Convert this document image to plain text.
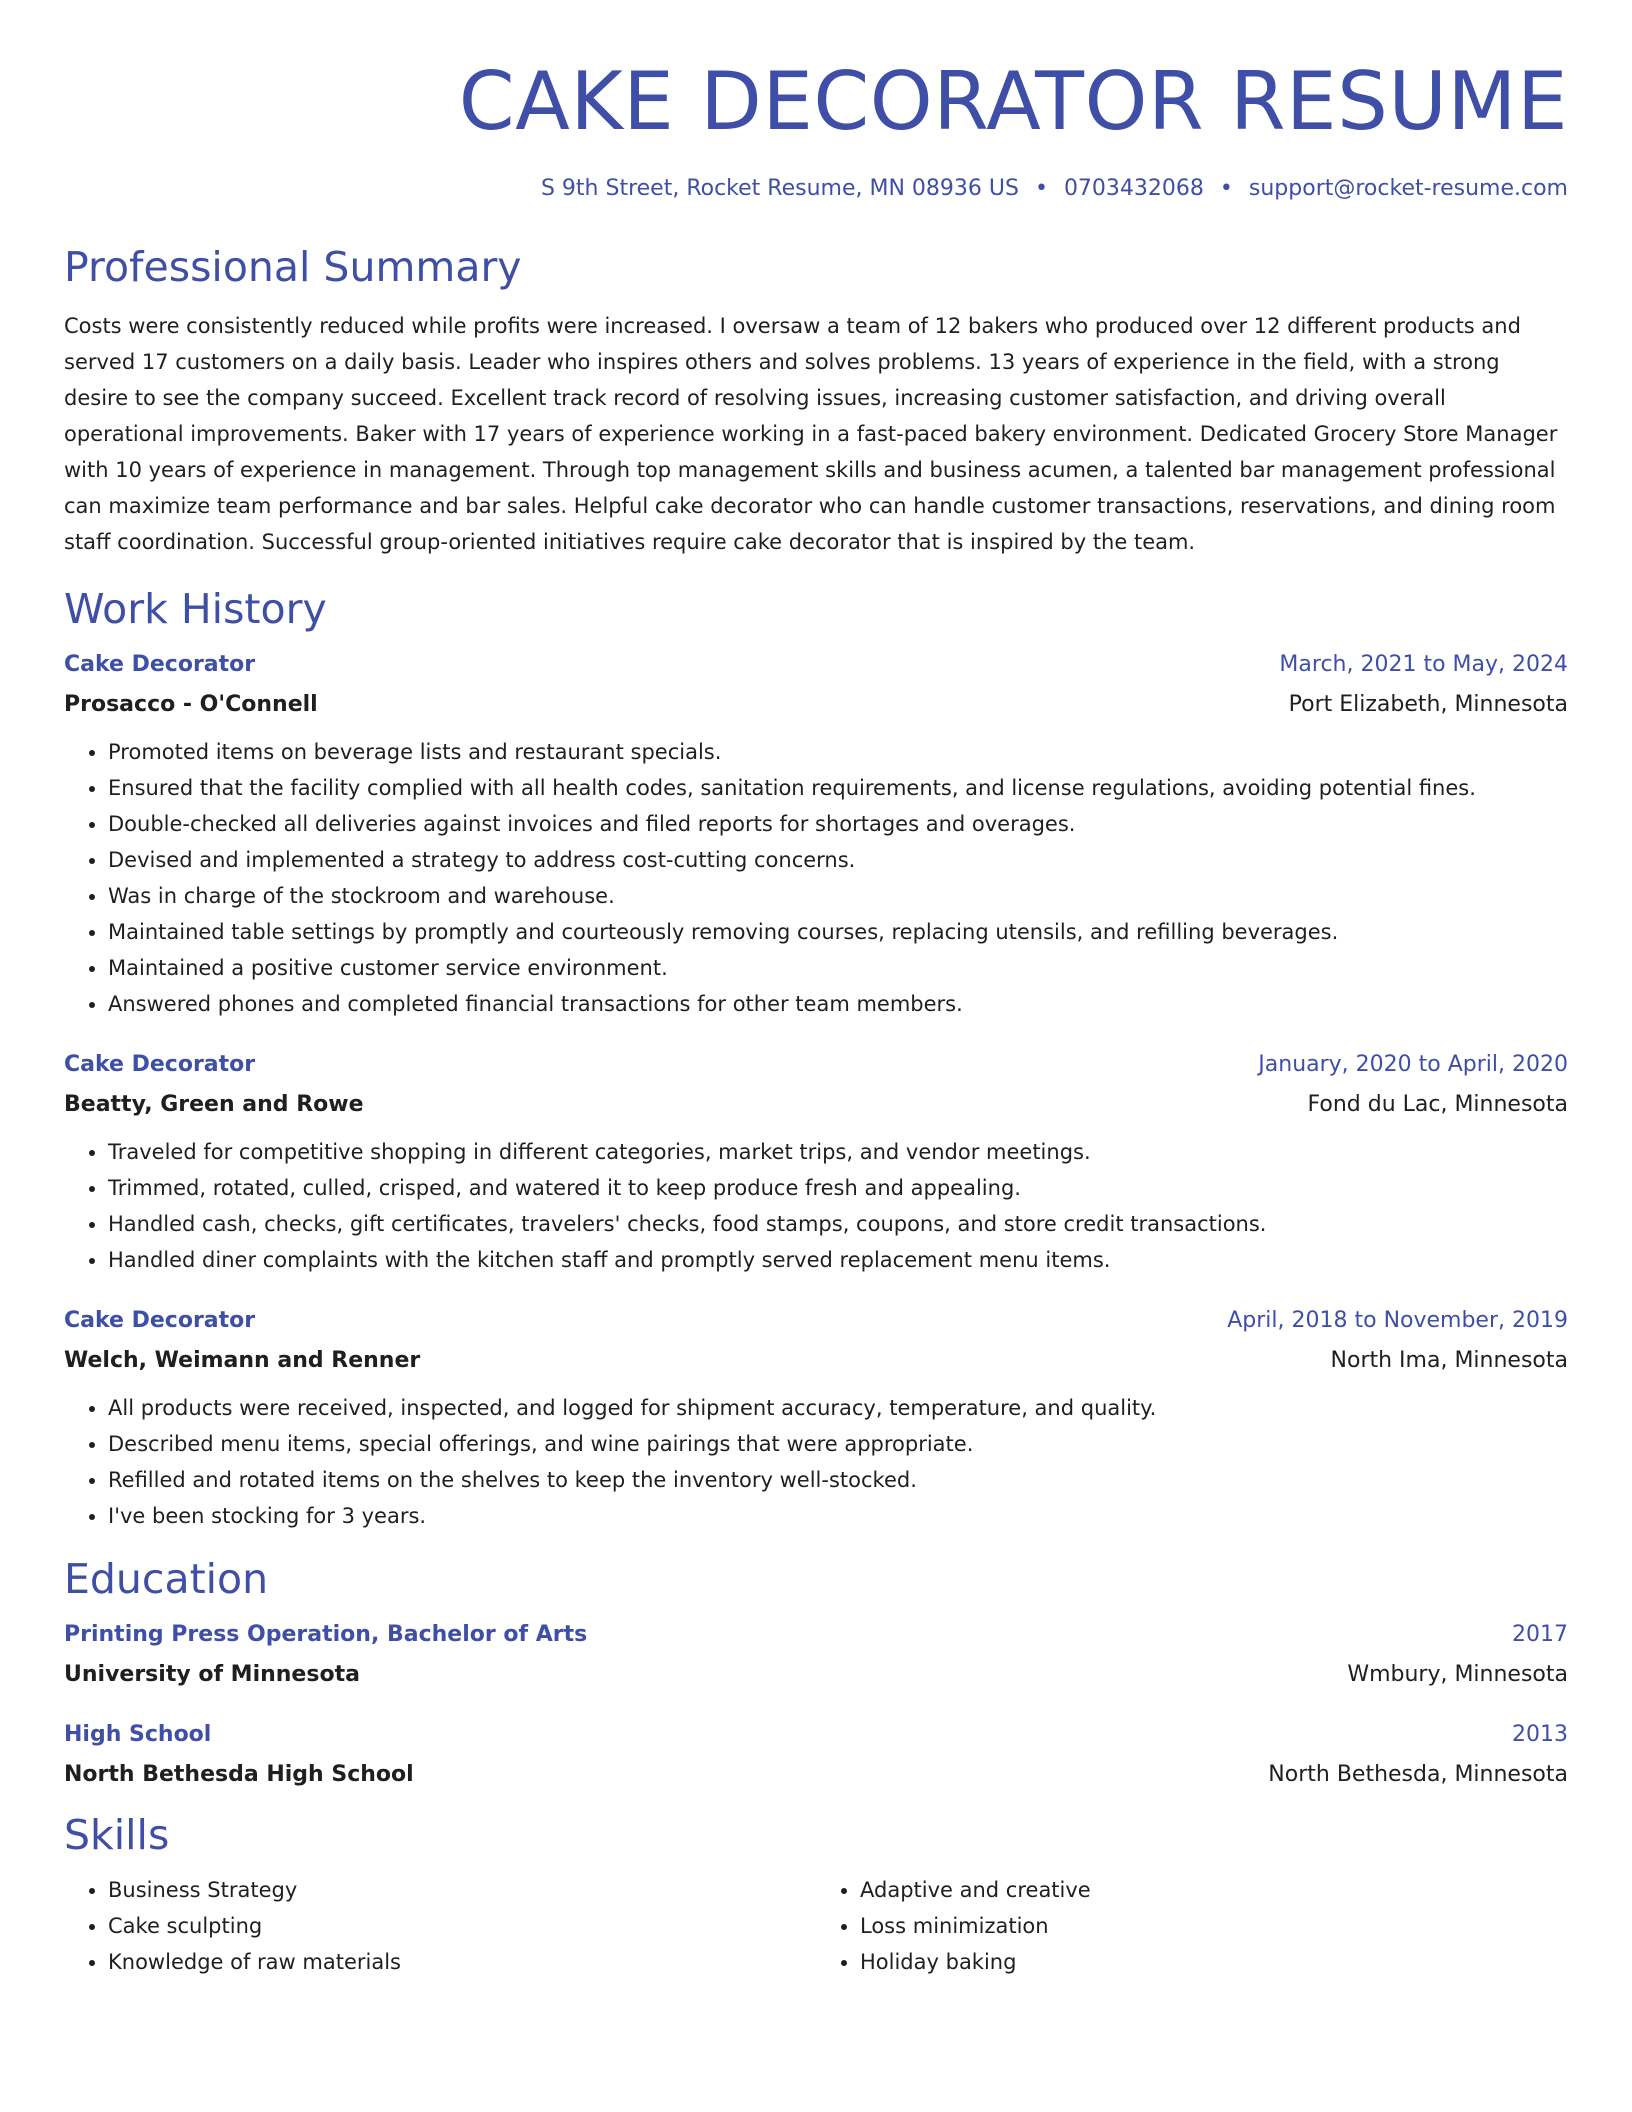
CAKE DECORATOR RESUME
S 9th Street, Rocket Resume, MN 08936 US • 0703432068 • support@rocket-resume.com
Professional Summary
Costs were consistently reduced while profits were increased. I oversaw a team of 12 bakers who produced over 12 different products and served 17 customers on a daily basis. Leader who inspires others and solves problems. 13 years of experience in the field, with a strong desire to see the company succeed. Excellent track record of resolving issues, increasing customer satisfaction, and driving overall operational improvements. Baker with 17 years of experience working in a fast-paced bakery environment. Dedicated Grocery Store Manager with 10 years of experience in management. Through top management skills and business acumen, a talented bar management professional can maximize team performance and bar sales. Helpful cake decorator who can handle customer transactions, reservations, and dining room staff coordination. Successful group-oriented initiatives require cake decorator that is inspired by the team.
Work History
Cake Decorator	March, 2021 to May, 2024
Prosacco - O'Connell	Port Elizabeth, Minnesota
• Promoted items on beverage lists and restaurant specials.
• Ensured that the facility complied with all health codes, sanitation requirements, and license regulations, avoiding potential fines.
• Double-checked all deliveries against invoices and filed reports for shortages and overages.
• Devised and implemented a strategy to address cost-cutting concerns.
• Was in charge of the stockroom and warehouse.
• Maintained table settings by promptly and courteously removing courses, replacing utensils, and refilling beverages.
• Maintained a positive customer service environment.
• Answered phones and completed financial transactions for other team members.
Cake Decorator	January, 2020 to April, 2020
Beatty, Green and Rowe	Fond du Lac, Minnesota
• Traveled for competitive shopping in different categories, market trips, and vendor meetings.
• Trimmed, rotated, culled, crisped, and watered it to keep produce fresh and appealing.
• Handled cash, checks, gift certificates, travelers' checks, food stamps, coupons, and store credit transactions.
• Handled diner complaints with the kitchen staff and promptly served replacement menu items.
Cake Decorator	April, 2018 to November, 2019
Welch, Weimann and Renner	North Ima, Minnesota
• All products were received, inspected, and logged for shipment accuracy, temperature, and quality.
• Described menu items, special offerings, and wine pairings that were appropriate.
• Refilled and rotated items on the shelves to keep the inventory well-stocked.
• I've been stocking for 3 years.
Education
Printing Press Operation, Bachelor of Arts	2017
University of Minnesota	Wmbury, Minnesota
High School	2013
North Bethesda High School	North Bethesda, Minnesota
Skills
• Business Strategy
• Cake sculpting
• Knowledge of raw materials
• Adaptive and creative
• Loss minimization
• Holiday baking
